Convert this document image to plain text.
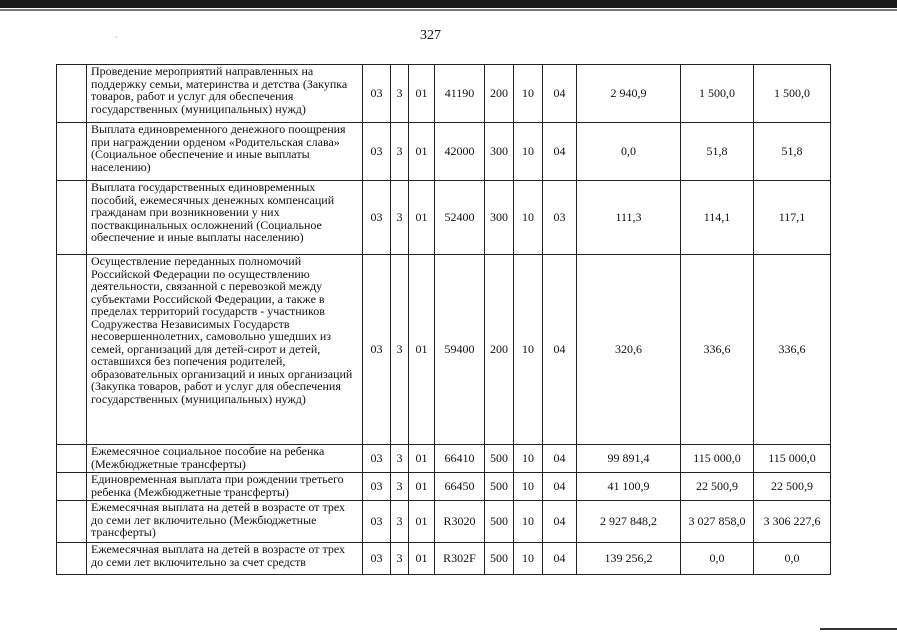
·	327
	Проведение мероприятий направленных на поддержку семьи, материнства и детства (Закупка товаров, работ и услуг для обеспечения государственных (муниципальных) нужд)	03	3	01	41190	200	10	04	2 940,9	1 500,0	1 500,0
	Выплата единовременного денежного поощрения при награждении орденом «Родительская слава» (Социальное обеспечение и иные выплаты населению)	03	3	01	42000	300	10	04	0,0	51,8	51,8
	Выплата государственных единовременных пособий, ежемесячных денежных компенсаций гражданам при возникновении у них поствакцинальных осложнений (Социальное обеспечение и иные выплаты населению)	03	3	01	52400	300	10	03	111,3	114,1	117,1
	Осуществление переданных полномочий Российской Федерации по осуществлению деятельности, связанной с перевозкой между субъектами Российской Федерации, а также в пределах территорий государств - участников Содружества Независимых Государств несовершеннолетних, самовольно ушедших из семей, организаций для детей-сирот и детей, оставшихся без попечения родителей, образовательных организаций и иных организаций (Закупка товаров, работ и услуг для обеспечения государственных (муниципальных) нужд)	03	3	01	59400	200	10	04	320,6	336,6	336,6
	Ежемесячное социальное пособие на ребенка (Межбюджетные трансферты)	03	3	01	66410	500	10	04	99 891,4	115 000,0	115 000,0
	Единовременная выплата при рождении третьего ребенка (Межбюджетные трансферты)	03	3	01	66450	500	10	04	41 100,9	22 500,9	22 500,9
	Ежемесячная выплата на детей в возрасте от трех до семи лет включительно (Межбюджетные трансферты)	03	3	01	R3020	500	10	04	2 927 848,2	3 027 858,0	3 306 227,6
	Ежемесячная выплата на детей в возрасте от трех до семи лет включительно за счет средств	03	3	01	R302F	500	10	04	139 256,2	0,0	0,0
